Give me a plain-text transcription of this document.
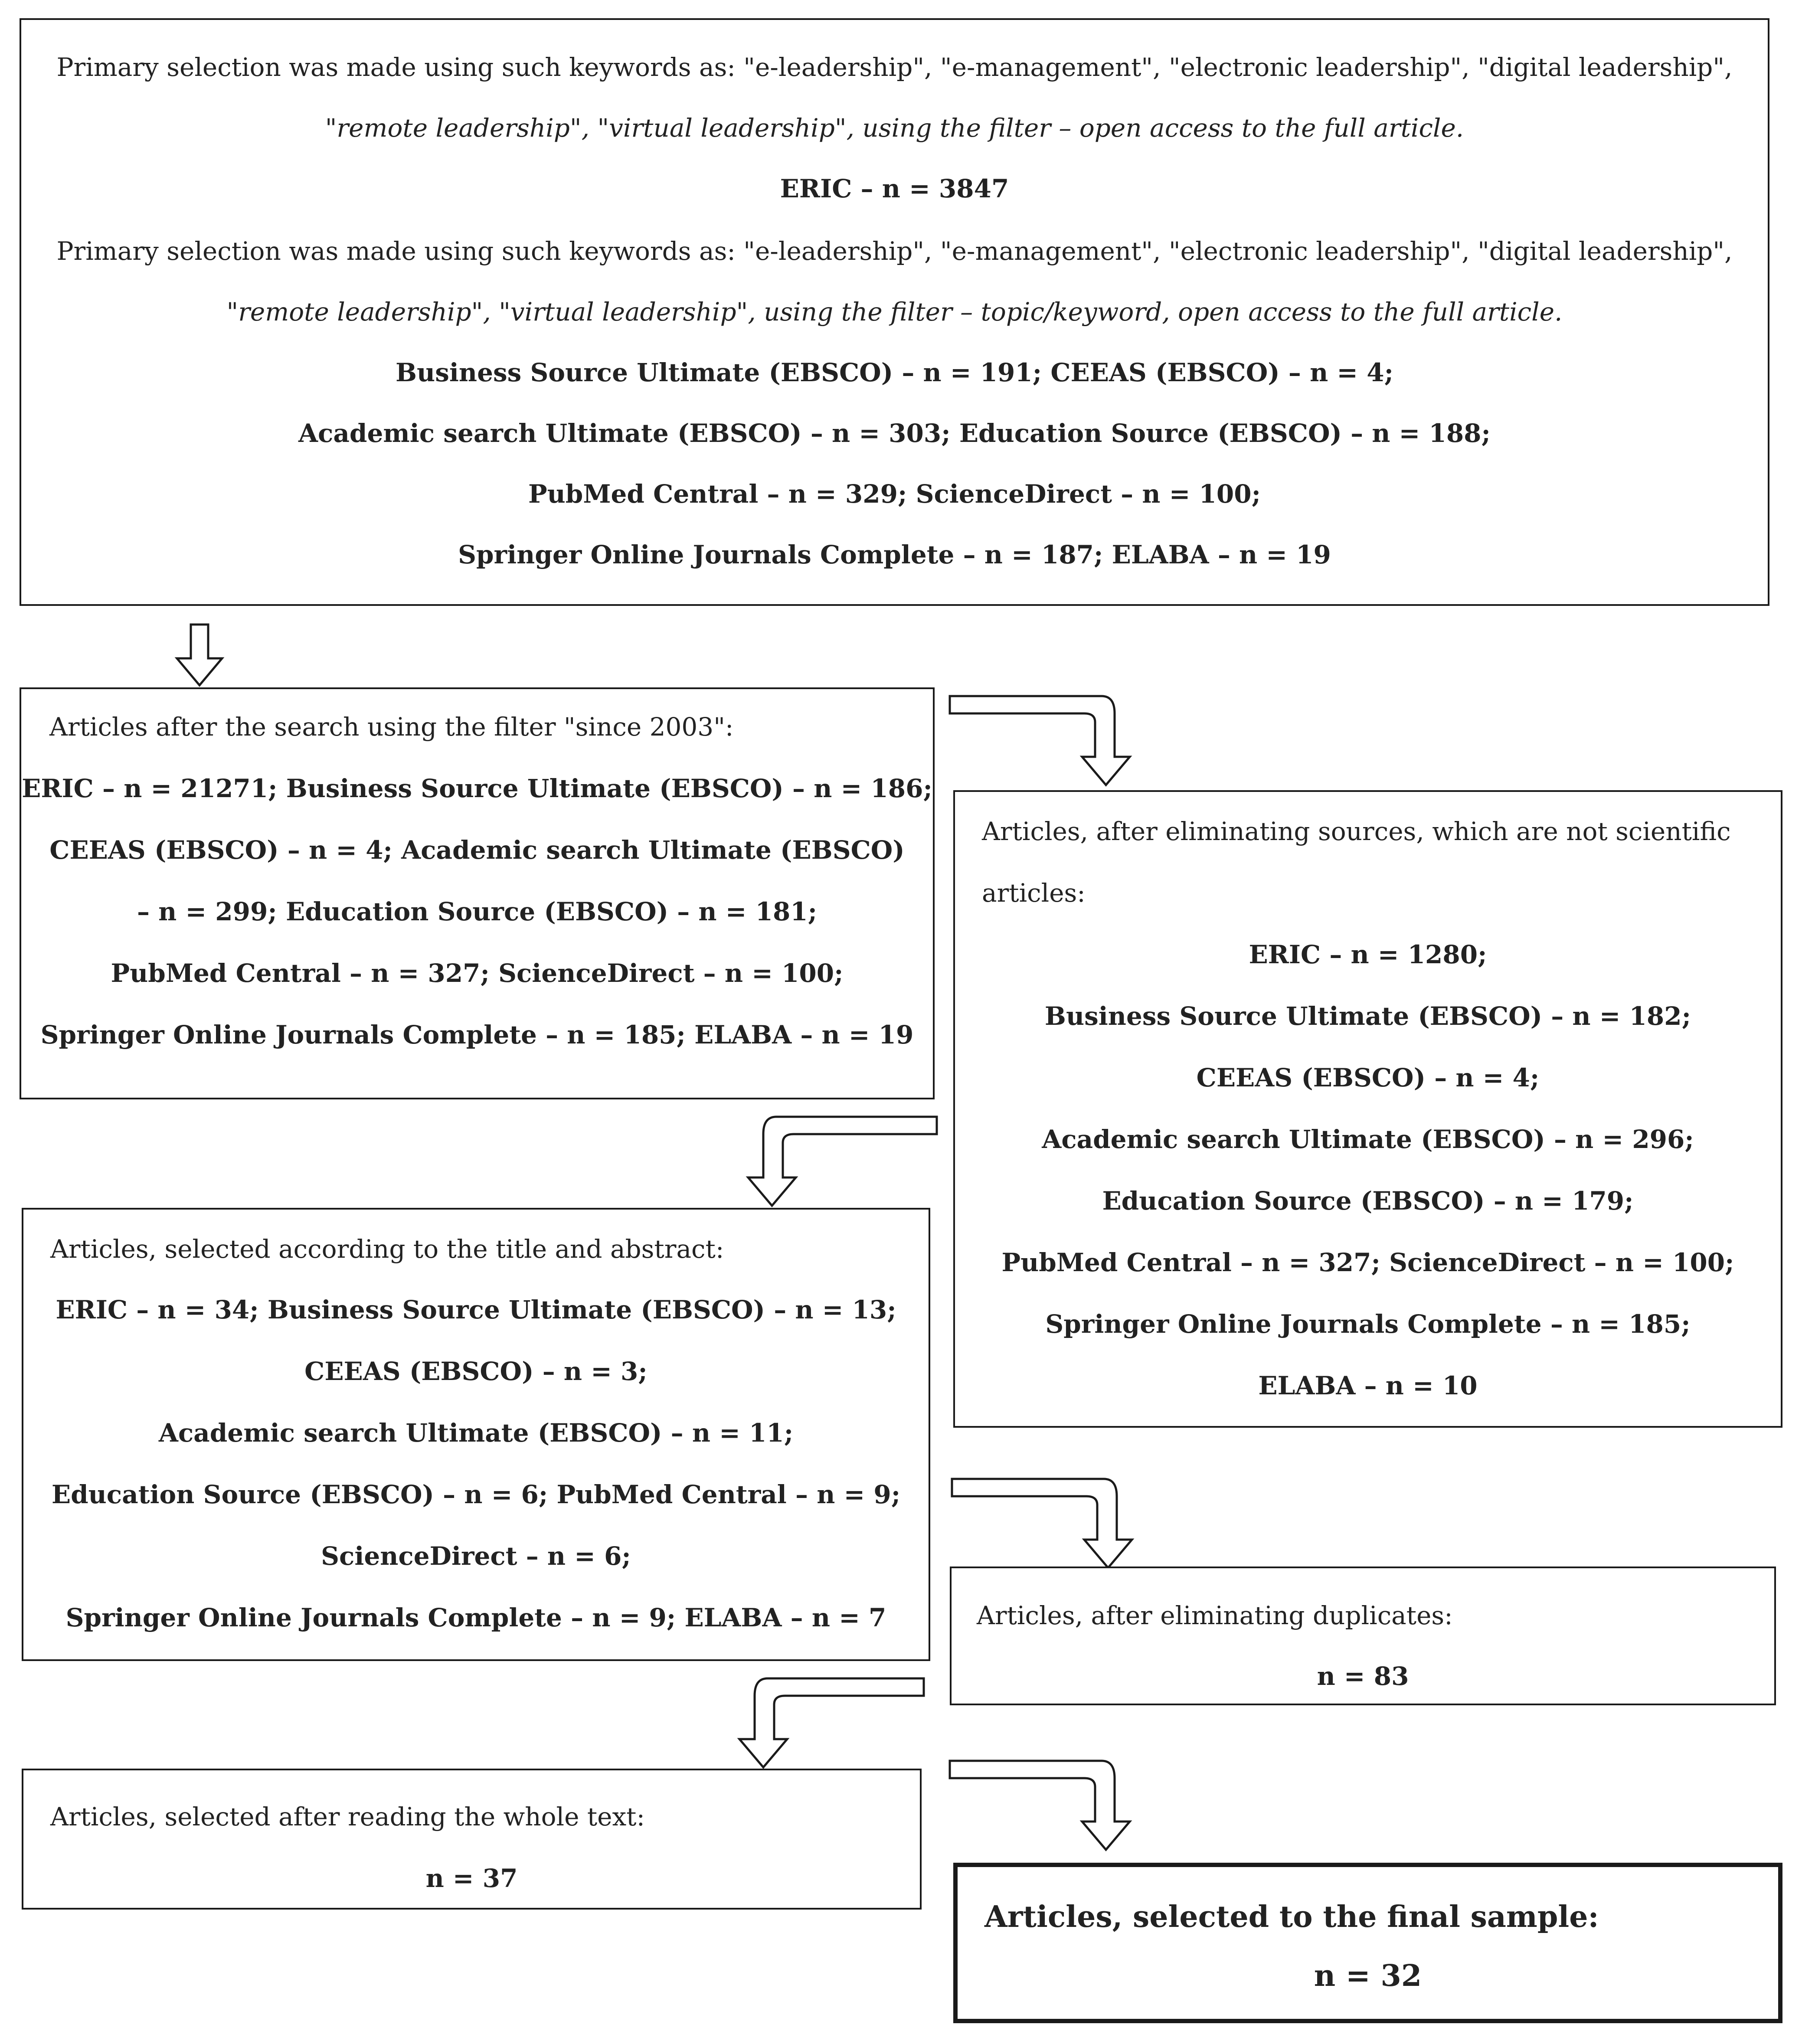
Primary selection was made using such keywords as: "e-leadership", "e-management", "electronic leadership", "digital leadership",
"remote leadership", "virtual leadership", using the filter – open access to the full article.
ERIC – n = 3847
Primary selection was made using such keywords as: "e-leadership", "e-management", "electronic leadership", "digital leadership",
"remote leadership", "virtual leadership", using the filter – topic/keyword, open access to the full article.
Business Source Ultimate (EBSCO) – n = 191; CEEAS (EBSCO) – n = 4;
Academic search Ultimate (EBSCO) – n = 303; Education Source (EBSCO) – n = 188;
PubMed Central – n = 329; ScienceDirect – n = 100;
Springer Online Journals Complete – n = 187; ELABA – n = 19
Articles after the search using the filter "since 2003":
ERIC – n = 21271; Business Source Ultimate (EBSCO) – n = 186;
CEEAS (EBSCO) – n = 4; Academic search Ultimate (EBSCO)
– n = 299; Education Source (EBSCO) – n = 181;
PubMed Central – n = 327; ScienceDirect – n = 100;
Springer Online Journals Complete – n = 185; ELABA – n = 19
Articles, after eliminating sources, which are not scientific
articles:
ERIC – n = 1280;
Business Source Ultimate (EBSCO) – n = 182;
CEEAS (EBSCO) – n = 4;
Academic search Ultimate (EBSCO) – n = 296;
Education Source (EBSCO) – n = 179;
PubMed Central – n = 327; ScienceDirect – n = 100;
Springer Online Journals Complete – n = 185;
ELABA – n = 10
Articles, selected according to the title and abstract:
ERIC – n = 34; Business Source Ultimate (EBSCO) – n = 13;
CEEAS (EBSCO) – n = 3;
Academic search Ultimate (EBSCO) – n = 11;
Education Source (EBSCO) – n = 6; PubMed Central – n = 9;
ScienceDirect – n = 6;
Springer Online Journals Complete – n = 9; ELABA – n = 7	Articles, after eliminating duplicates:
n = 83
Articles, selected after reading the whole text:
n = 37
Articles, selected to the final sample:
n = 32
